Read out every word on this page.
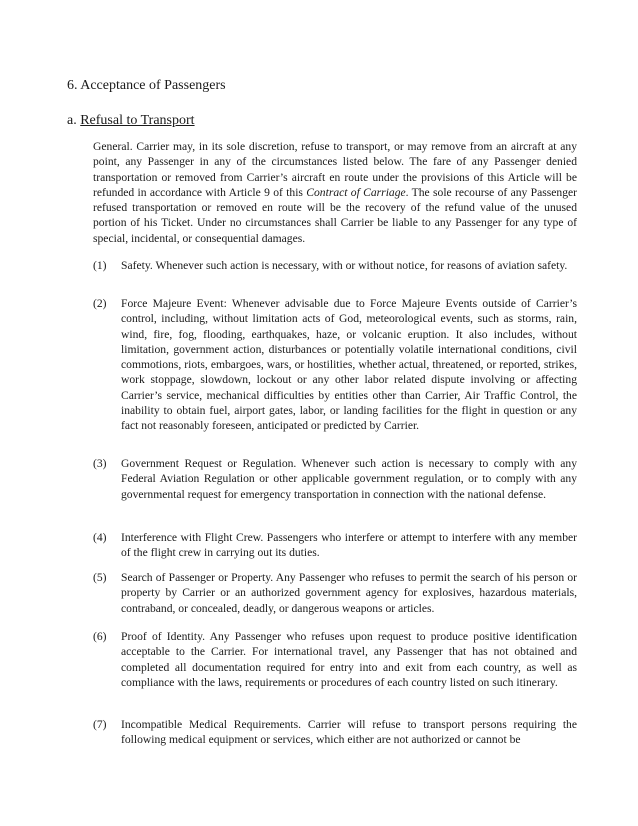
6. Acceptance of Passengers
a. Refusal to Transport
General. Carrier may, in its sole discretion, refuse to transport, or may remove from an aircraft at any point, any Passenger in any of the circumstances listed below. The fare of any Passenger denied transportation or removed from Carrier’s aircraft en route under the provisions of this Article will be refunded in accordance with Article 9 of this Contract of Carriage. The sole recourse of any Passenger refused transportation or removed en route will be the recovery of the refund value of the unused portion of his Ticket. Under no circumstances shall Carrier be liable to any Passenger for any type of special, incidental, or consequential damages.
(1) Safety. Whenever such action is necessary, with or without notice, for reasons of aviation safety.
(2) Force Majeure Event: Whenever advisable due to Force Majeure Events outside of Carrier’s control, including, without limitation acts of God, meteorological events, such as storms, rain, wind, fire, fog, flooding, earthquakes, haze, or volcanic eruption. It also includes, without limitation, government action, disturbances or potentially volatile international conditions, civil commotions, riots, embargoes, wars, or hostilities, whether actual, threatened, or reported, strikes, work stoppage, slowdown, lockout or any other labor related dispute involving or affecting Carrier’s service, mechanical difficulties by entities other than Carrier, Air Traffic Control, the inability to obtain fuel, airport gates, labor, or landing facilities for the flight in question or any fact not reasonably foreseen, anticipated or predicted by Carrier.
(3) Government Request or Regulation. Whenever such action is necessary to comply with any Federal Aviation Regulation or other applicable government regulation, or to comply with any governmental request for emergency transportation in connection with the national defense.
(4) Interference with Flight Crew. Passengers who interfere or attempt to interfere with any member of the flight crew in carrying out its duties.
(5) Search of Passenger or Property. Any Passenger who refuses to permit the search of his person or property by Carrier or an authorized government agency for explosives, hazardous materials, contraband, or concealed, deadly, or dangerous weapons or articles.
(6) Proof of Identity. Any Passenger who refuses upon request to produce positive identification acceptable to the Carrier. For international travel, any Passenger that has not obtained and completed all documentation required for entry into and exit from each country, as well as compliance with the laws, requirements or procedures of each country listed on such itinerary.
(7) Incompatible Medical Requirements. Carrier will refuse to transport persons requiring the following medical equipment or services, which either are not authorized or cannot be
